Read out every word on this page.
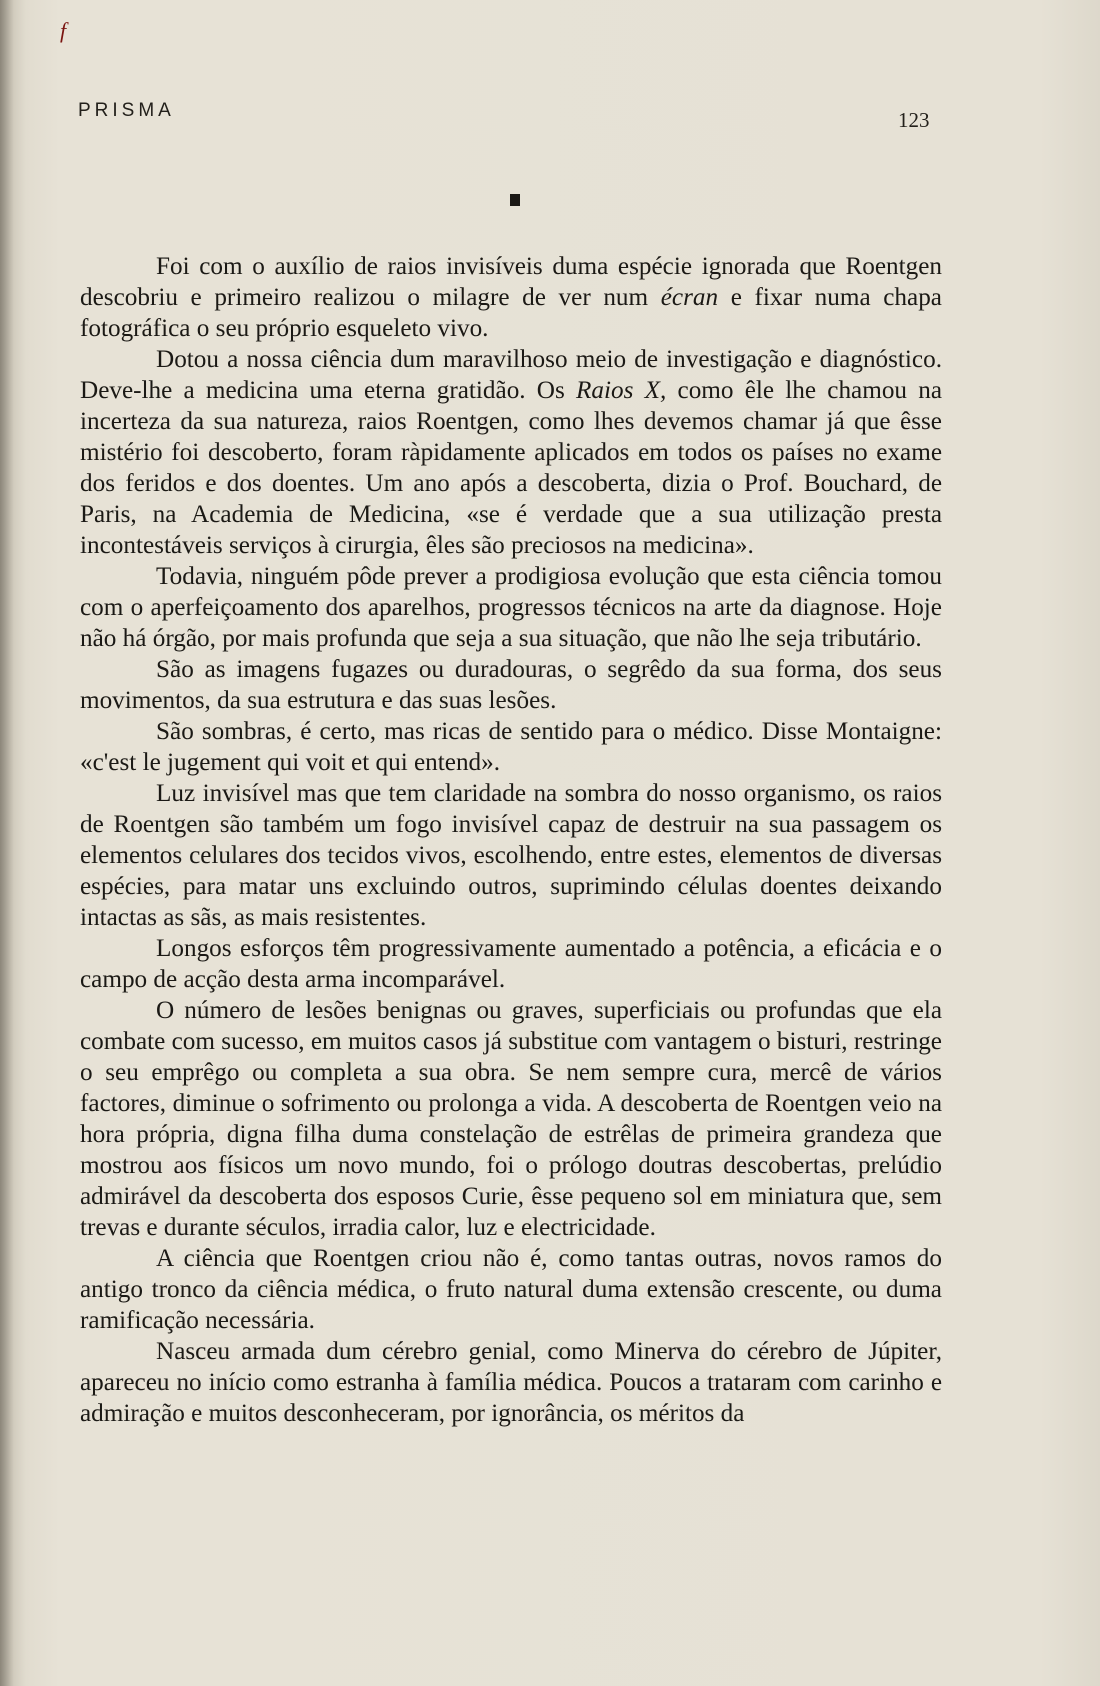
f
PRISMA	123

Foi com o auxílio de raios invisíveis duma espécie ignorada que Roentgen descobriu e primeiro realizou o milagre de ver num écran e fixar numa chapa fotográfica o seu próprio esqueleto vivo.

Dotou a nossa ciência dum maravilhoso meio de investigação e diagnóstico. Deve-lhe a medicina uma eterna gratidão. Os Raios X, como êle lhe chamou na incerteza da sua natureza, raios Roentgen, como lhes devemos chamar já que êsse mistério foi descoberto, foram ràpidamente aplicados em todos os países no exame dos feridos e dos doentes. Um ano após a descoberta, dizia o Prof. Bouchard, de Paris, na Academia de Medicina, «se é verdade que a sua utilização presta incontestáveis serviços à cirurgia, êles são preciosos na medicina».

Todavia, ninguém pôde prever a prodigiosa evolução que esta ciência tomou com o aperfeiçoamento dos aparelhos, progressos técnicos na arte da diagnose. Hoje não há órgão, por mais profunda que seja a sua situação, que não lhe seja tributário.

São as imagens fugazes ou duradouras, o segrêdo da sua forma, dos seus movimentos, da sua estrutura e das suas lesões.

São sombras, é certo, mas ricas de sentido para o médico. Disse Montaigne: «c'est le jugement qui voit et qui entend».

Luz invisível mas que tem claridade na sombra do nosso organismo, os raios de Roentgen são também um fogo invisível capaz de destruir na sua passagem os elementos celulares dos tecidos vivos, escolhendo, entre estes, elementos de diversas espécies, para matar uns excluindo outros, suprimindo células doentes deixando intactas as sãs, as mais resistentes.

Longos esforços têm progressivamente aumentado a potência, a eficácia e o campo de acção desta arma incomparável.

O número de lesões benignas ou graves, superficiais ou profundas que ela combate com sucesso, em muitos casos já substitue com vantagem o bisturi, restringe o seu emprêgo ou completa a sua obra. Se nem sempre cura, mercê de vários factores, diminue o sofrimento ou prolonga a vida. A descoberta de Roentgen veio na hora própria, digna filha duma constelação de estrêlas de primeira grandeza que mostrou aos físicos um novo mundo, foi o prólogo doutras descobertas, prelúdio admirável da descoberta dos esposos Curie, êsse pequeno sol em miniatura que, sem trevas e durante séculos, irradia calor, luz e electricidade.

A ciência que Roentgen criou não é, como tantas outras, novos ramos do antigo tronco da ciência médica, o fruto natural duma extensão crescente, ou duma ramificação necessária.

Nasceu armada dum cérebro genial, como Minerva do cérebro de Júpiter, apareceu no início como estranha à família médica. Poucos a trataram com carinho e admiração e muitos desconheceram, por ignorância, os méritos da
